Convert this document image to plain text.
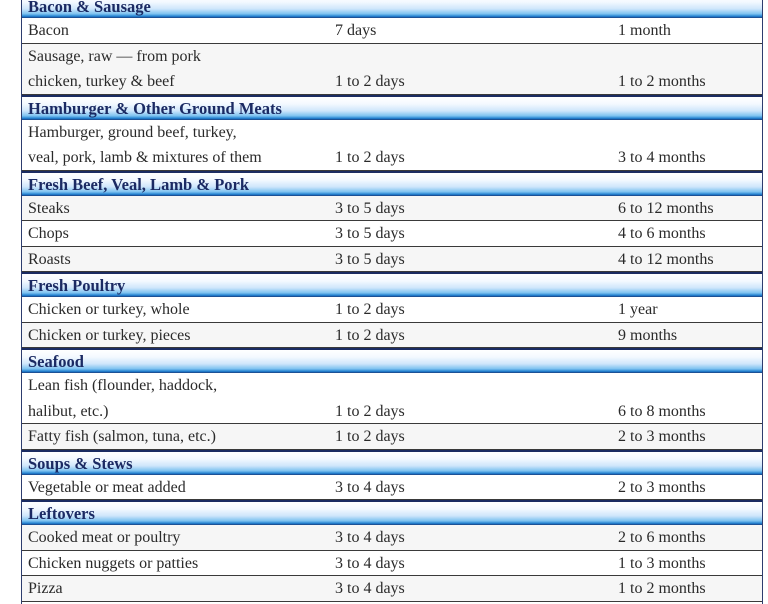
Bacon & Sausage
Bacon	7 days	1 month
Sausage, raw — from pork
chicken, turkey & beef	1 to 2 days	1 to 2 months
Hamburger & Other Ground Meats
Hamburger, ground beef, turkey,
veal, pork, lamb & mixtures of them	1 to 2 days	3 to 4 months
Fresh Beef, Veal, Lamb & Pork
Steaks	3 to 5 days	6 to 12 months
Chops	3 to 5 days	4 to 6 months
Roasts	3 to 5 days	4 to 12 months
Fresh Poultry
Chicken or turkey, whole	1 to 2 days	1 year
Chicken or turkey, pieces	1 to 2 days	9 months
Seafood
Lean fish (flounder, haddock,
halibut, etc.)	1 to 2 days	6 to 8 months
Fatty fish (salmon, tuna, etc.)	1 to 2 days	2 to 3 months
Soups & Stews
Vegetable or meat added	3 to 4 days	2 to 3 months
Leftovers
Cooked meat or poultry	3 to 4 days	2 to 6 months
Chicken nuggets or patties	3 to 4 days	1 to 3 months
Pizza	3 to 4 days	1 to 2 months
